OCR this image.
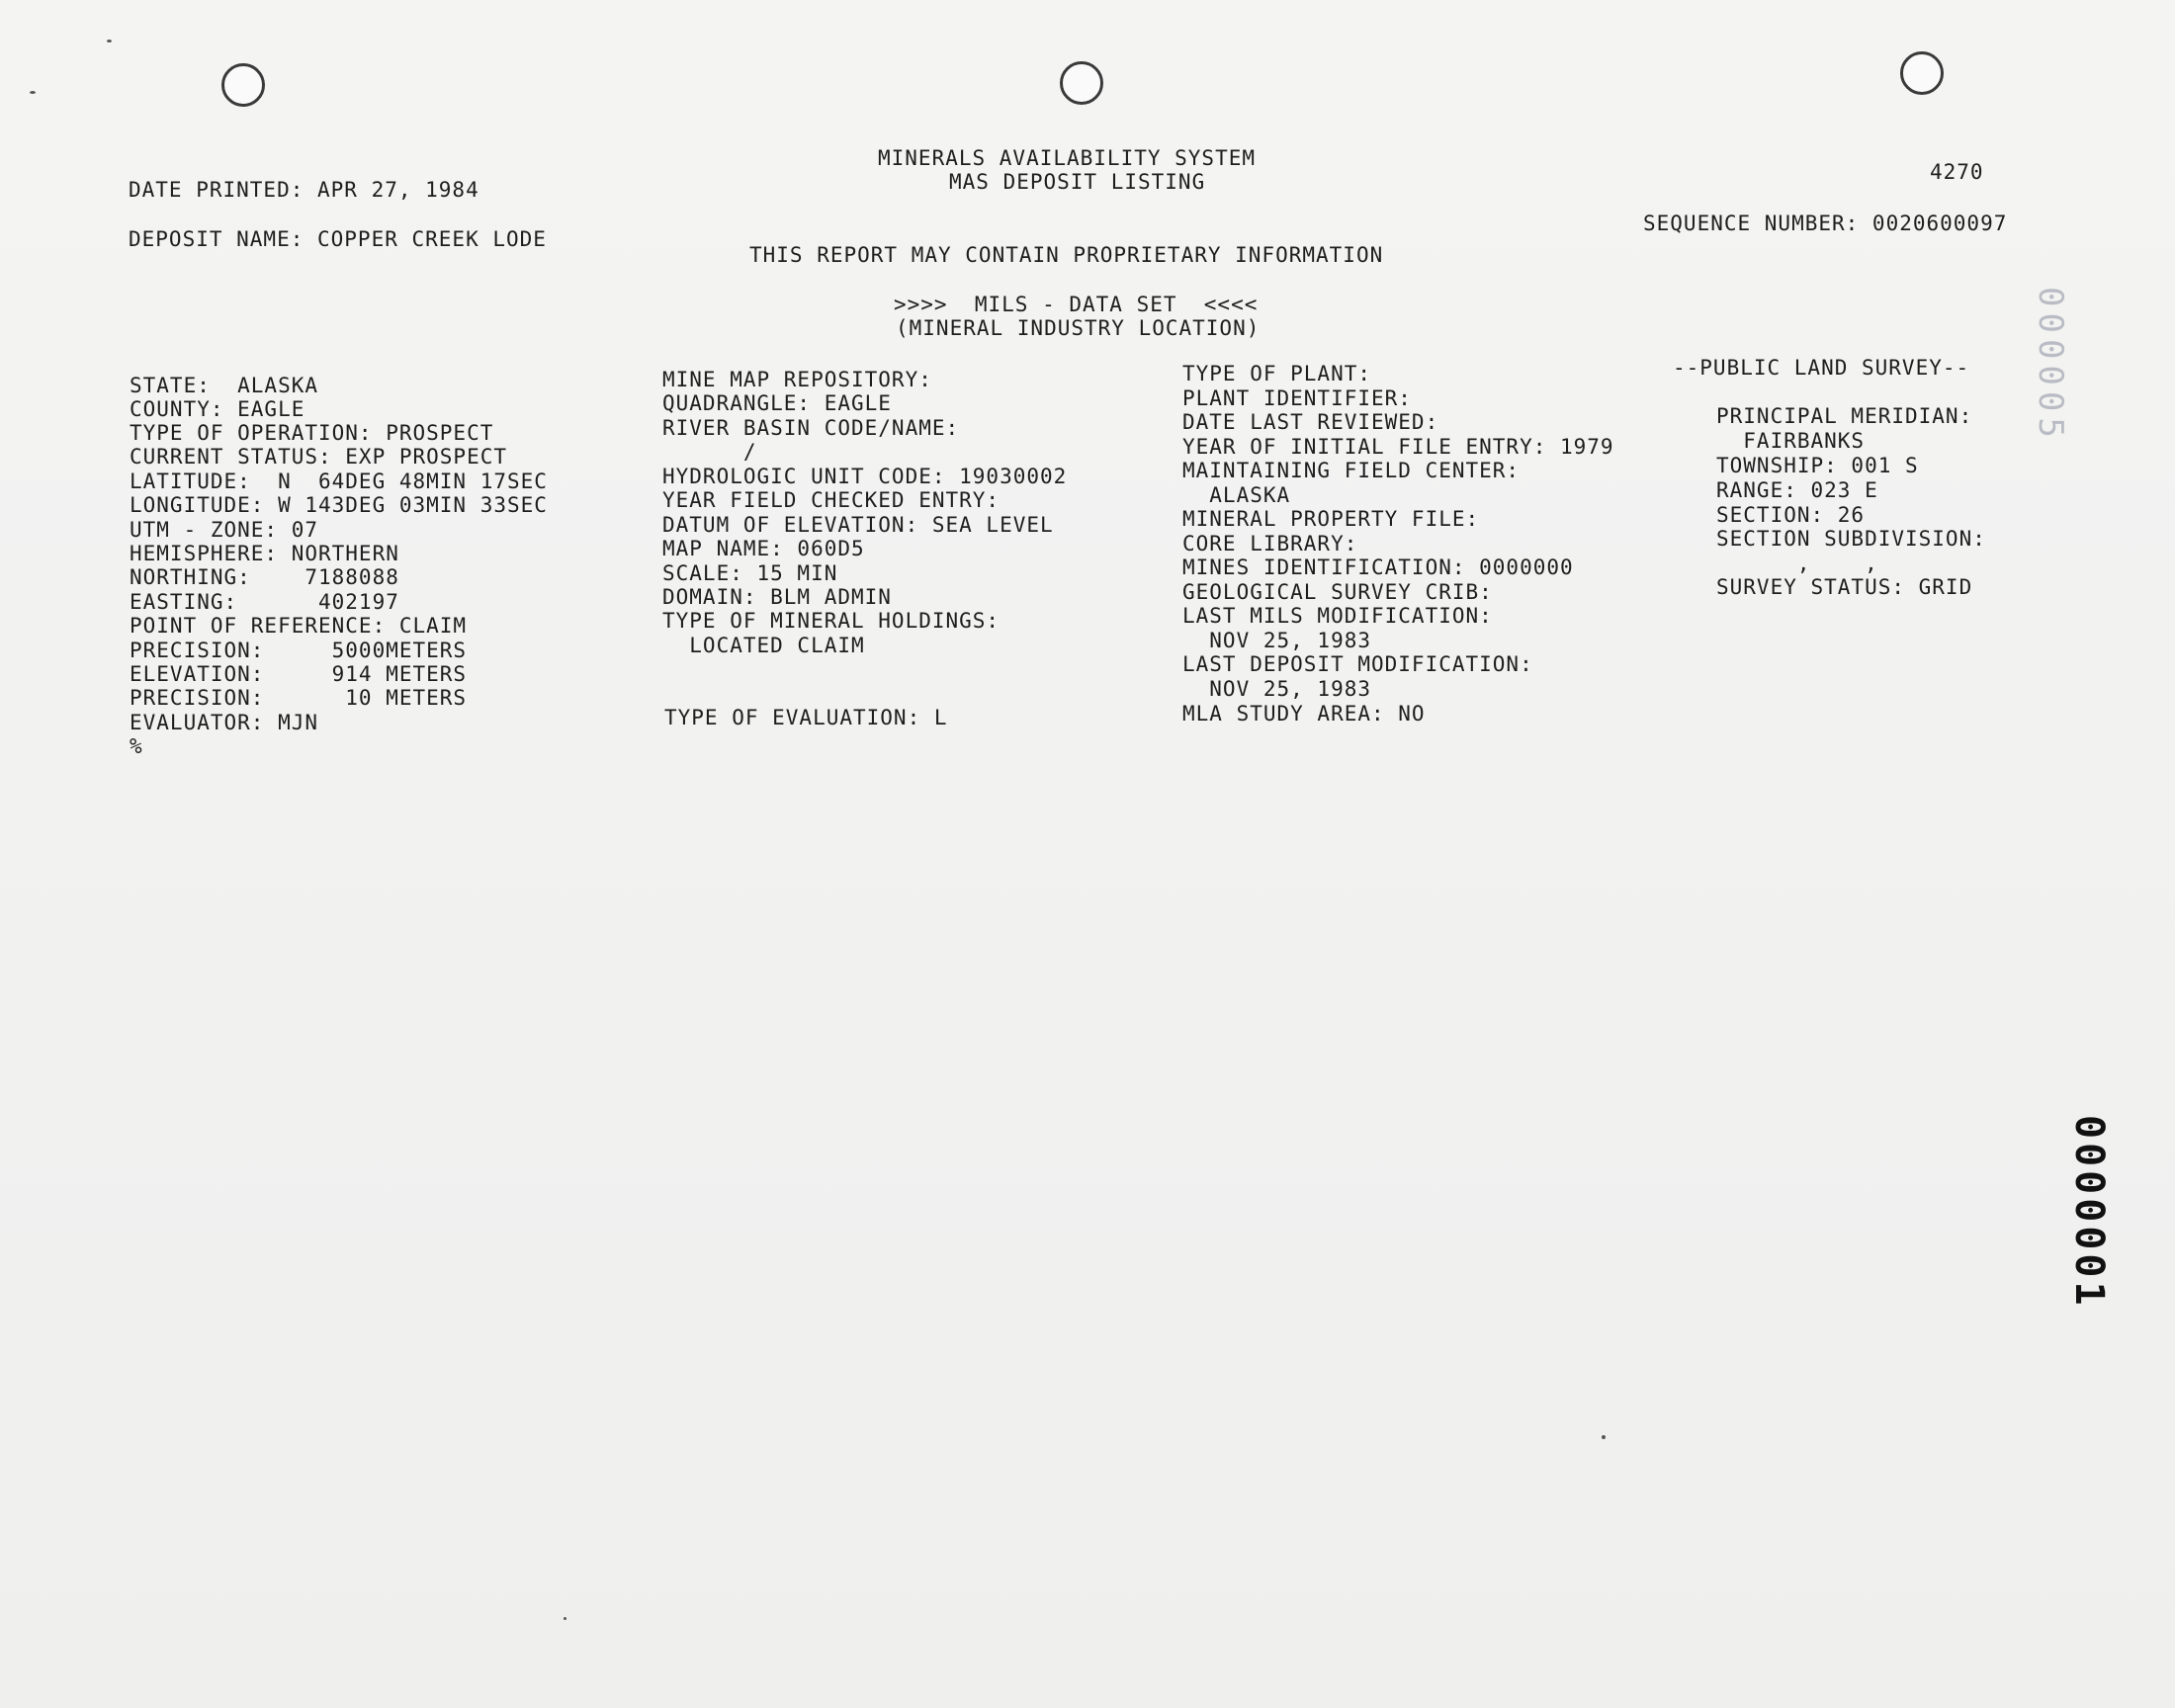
MINERALS AVAILABILITY SYSTEM
MAS DEPOSIT LISTING	4270
DATE PRINTED: APR 27, 1984
DEPOSIT NAME: COPPER CREEK LODE
SEQUENCE NUMBER: 0020600097
THIS REPORT MAY CONTAIN PROPRIETARY INFORMATION
>>>>  MILS - DATA SET  <<<<
(MINERAL INDUSTRY LOCATION)
STATE:  ALASKA
COUNTY: EAGLE
TYPE OF OPERATION: PROSPECT
CURRENT STATUS: EXP PROSPECT
LATITUDE:  N  64DEG 48MIN 17SEC
LONGITUDE: W 143DEG 03MIN 33SEC
UTM - ZONE: 07
HEMISPHERE: NORTHERN
NORTHING:    7188088
EASTING:      402197
POINT OF REFERENCE: CLAIM
PRECISION:     5000METERS
ELEVATION:     914 METERS
PRECISION:      10 METERS
EVALUATOR: MJN
%
MINE MAP REPOSITORY:
QUADRANGLE: EAGLE
RIVER BASIN CODE/NAME:
/
HYDROLOGIC UNIT CODE: 19030002
YEAR FIELD CHECKED ENTRY:
DATUM OF ELEVATION: SEA LEVEL
MAP NAME: 060D5
SCALE: 15 MIN
DOMAIN: BLM ADMIN
TYPE OF MINERAL HOLDINGS:
LOCATED CLAIM
TYPE OF EVALUATION: L
TYPE OF PLANT:
PLANT IDENTIFIER:
DATE LAST REVIEWED:
YEAR OF INITIAL FILE ENTRY: 1979
MAINTAINING FIELD CENTER:
ALASKA
MINERAL PROPERTY FILE:
CORE LIBRARY:
MINES IDENTIFICATION: 0000000
GEOLOGICAL SURVEY CRIB:
LAST MILS MODIFICATION:
NOV 25, 1983
LAST DEPOSIT MODIFICATION:
NOV 25, 1983
MLA STUDY AREA: NO
--PUBLIC LAND SURVEY--
PRINCIPAL MERIDIAN:
FAIRBANKS
TOWNSHIP: 001 S
RANGE: 023 E
SECTION: 26
SECTION SUBDIVISION:
,    ,
SURVEY STATUS: GRID
000005
0000001
